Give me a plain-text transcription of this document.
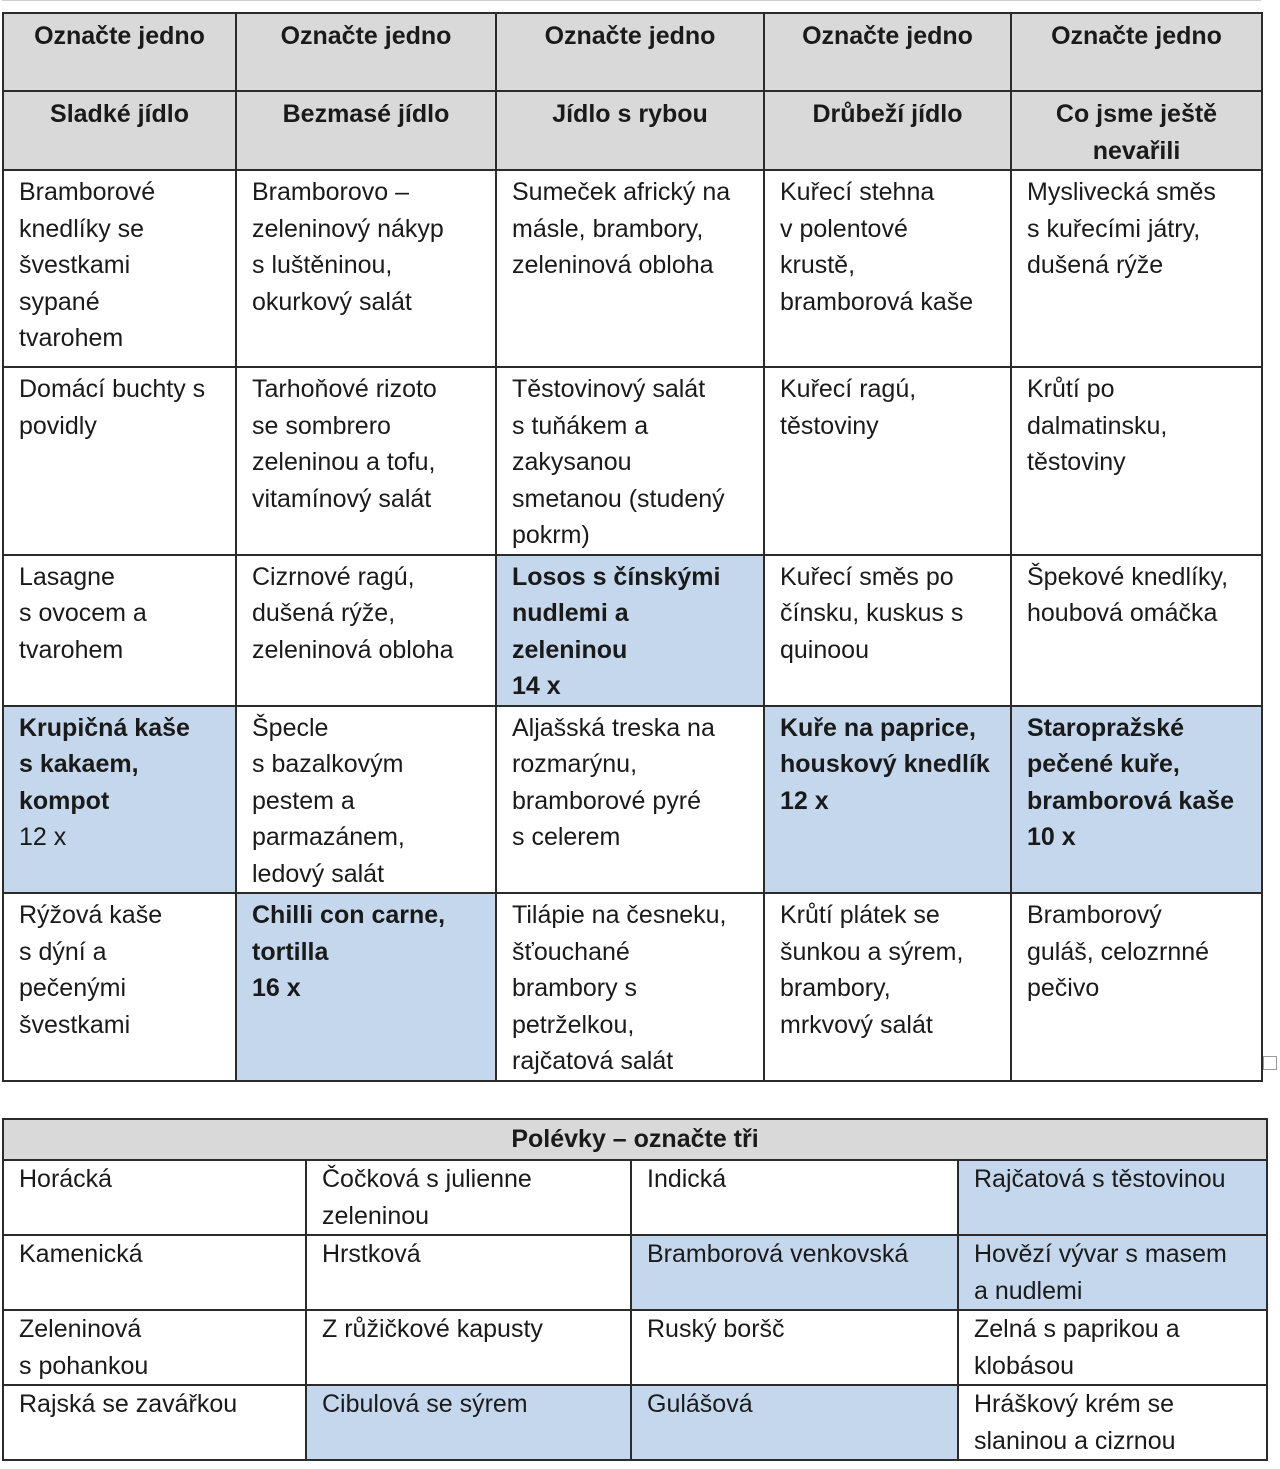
Označte jedno	Označte jedno	Označte jedno	Označte jedno	Označte jedno

Sladké jídlo	Bezmasé jídlo	Jídlo s rybou	Drůbeží jídlo	Co jsme ještě
nevařili

Bramborové
knedlíky se
švestkami
sypané
tvarohem	Bramborovo –
zeleninový nákyp
s luštěninou,
okurkový salát	Sumeček africký na
másle, brambory,
zeleninová obloha	Kuřecí stehna
v polentové
krustě,
bramborová kaše	Myslivecká směs
s kuřecími játry,
dušená rýže

Domácí buchty s
povidly	Tarhoňové rizoto
se sombrero
zeleninou a tofu,
vitamínový salát	Těstovinový salát
s tuňákem a
zakysanou
smetanou (studený
pokrm)	Kuřecí ragú,
těstoviny	Krůtí po
dalmatinsku,
těstoviny

Lasagne
s ovocem a
tvarohem	Cizrnové ragú,
dušená rýže,
zeleninová obloha	Losos s čínskými
nudlemi a
zeleninou
14 x	Kuřecí směs po
čínsku, kuskus s
quinoou	Špekové knedlíky,
houbová omáčka

Krupičná kaše
s kakaem,
kompot
12 x	Špecle
s bazalkovým
pestem a
parmazánem,
ledový salát	Aljašská treska na
rozmarýnu,
bramborové pyré
s celerem	Kuře na paprice,
houskový knedlík
12 x	Staropražské
pečené kuře,
bramborová kaše
10 x

Rýžová kaše
s dýní a
pečenými
švestkami	Chilli con carne,
tortilla
16 x	Tilápie na česneku,
šťouchané
brambory s
petrželkou,
rajčatová salát	Krůtí plátek se
šunkou a sýrem,
brambory,
mrkvový salát	Bramborový
guláš, celozrnné
pečivo
Polévky – označte tři			

Horácká	Čočková s julienne
zeleninou	Indická	Rajčatová s těstovinou

Kamenická	Hrstková	Bramborová venkovská	Hovězí vývar s masem
a nudlemi

Zeleninová
s pohankou	Z růžičkové kapusty	Ruský boršč	Zelná s paprikou a
klobásou

Rajská se zavářkou	Cibulová se sýrem	Gulášová	Hráškový krém se
slaninou a cizrnou
